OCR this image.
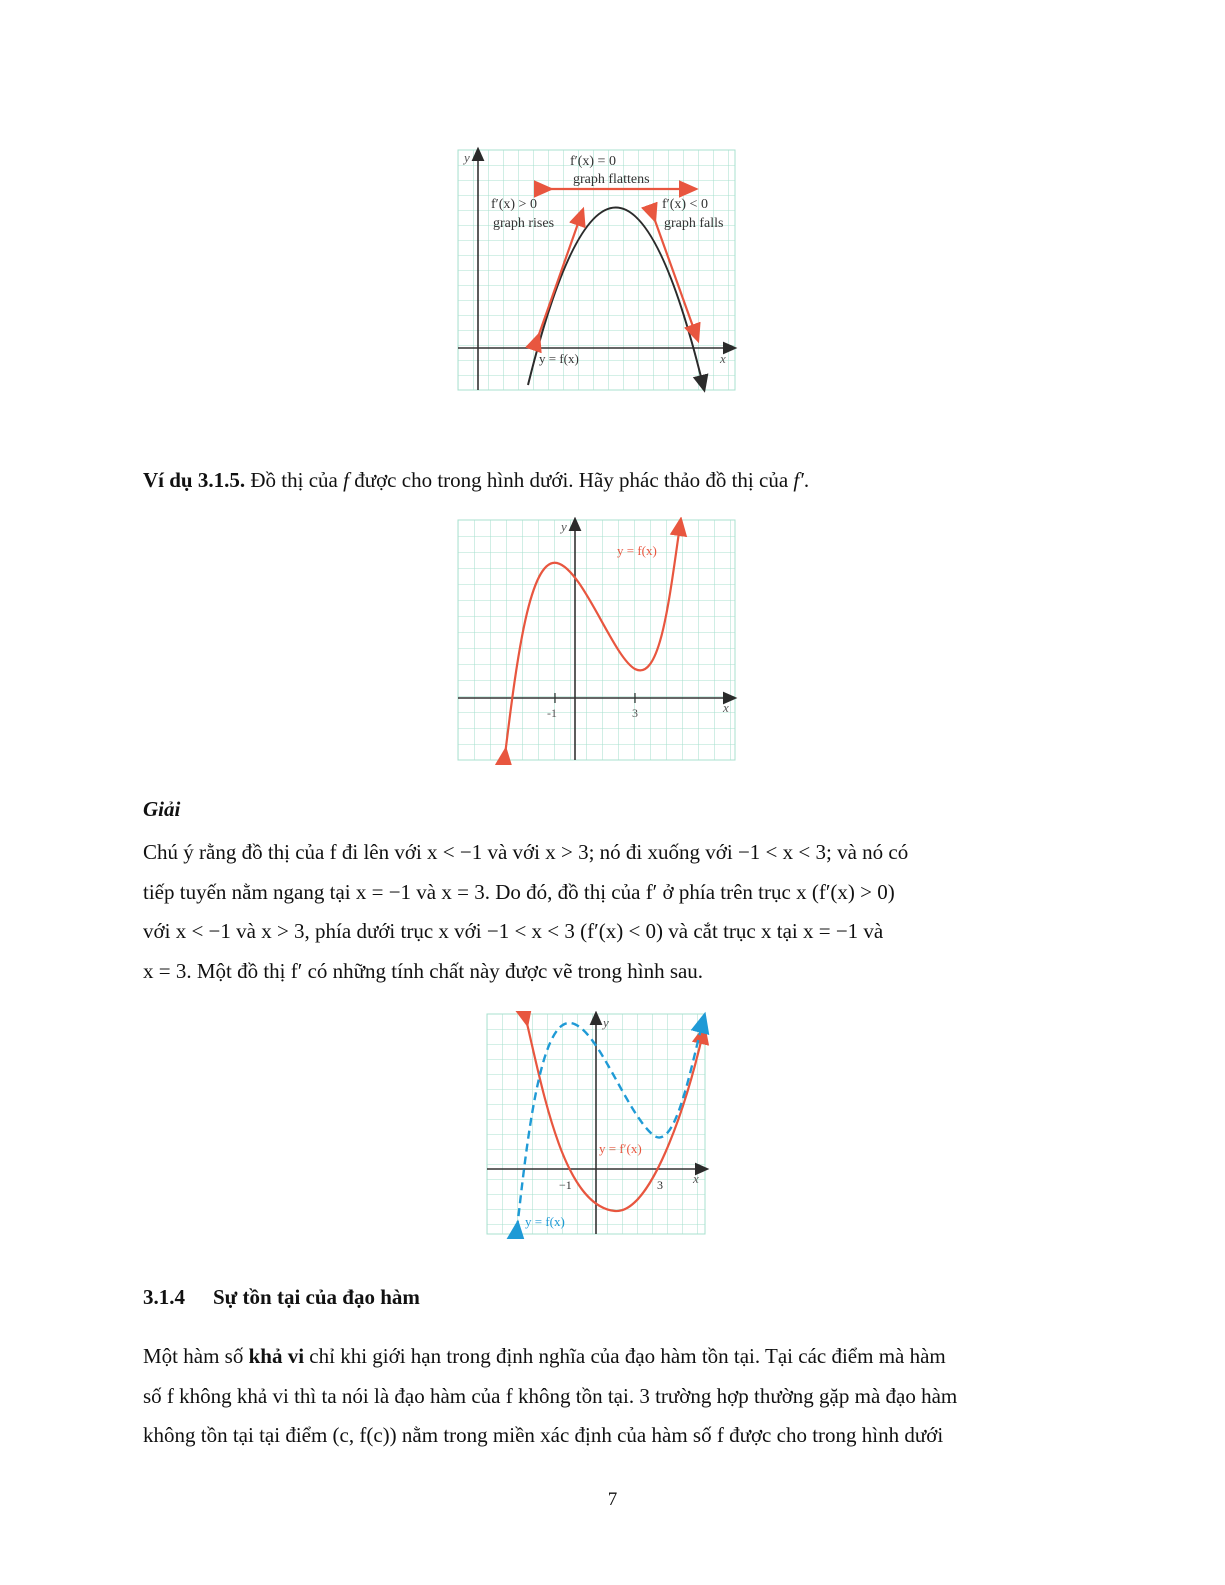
y
x
f′(x) = 0
graph flattens
f′(x) > 0
graph rises
f′(x) < 0
graph falls
y = f(x)
Ví dụ 3.1.5. Đồ thị của f được cho trong hình dưới. Hãy phác thảo đồ thị của f′.
y
x
y = f(x)
-1	3
Giải
Chú ý rằng đồ thị của f đi lên với x < −1 và với x > 3; nó đi xuống với −1 < x < 3; và nó có
tiếp tuyến nằm ngang tại x = −1 và x = 3. Do đó, đồ thị của f′ ở phía trên trục x (f′(x) > 0)
với x < −1 và x > 3, phía dưới trục x với −1 < x < 3 (f′(x) < 0) và cắt trục x tại x = −1 và
x = 3. Một đồ thị f′ có những tính chất này được vẽ trong hình sau.
y
x
y = f′(x)
y = f(x)
−1	3
3.1.4 Sự tồn tại của đạo hàm
Một hàm số khả vi chỉ khi giới hạn trong định nghĩa của đạo hàm tồn tại. Tại các điểm mà hàm
số f không khả vi thì ta nói là đạo hàm của f không tồn tại. 3 trường hợp thường gặp mà đạo hàm
không tồn tại tại điểm (c, f(c)) nằm trong miền xác định của hàm số f được cho trong hình dưới
7
